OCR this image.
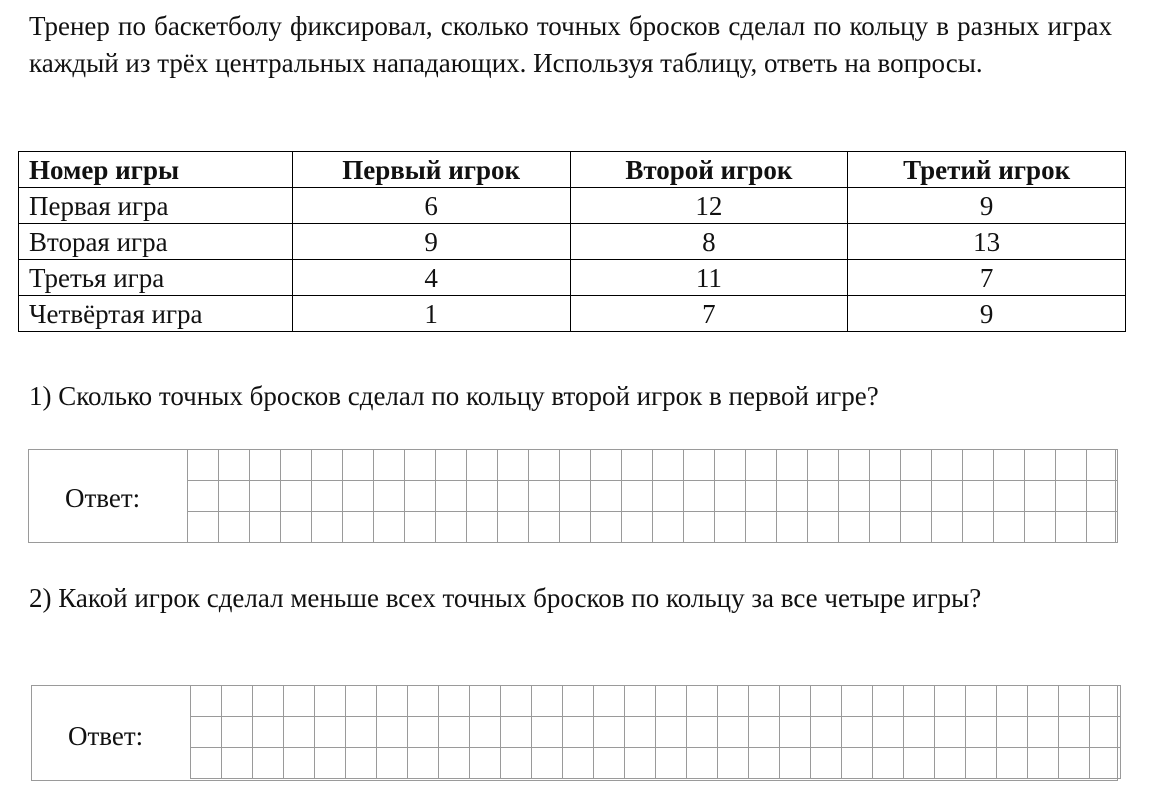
Тренер по баскетболу фиксировал, сколько точных бросков сделал по кольцу в разных играх каждый из трёх центральных нападающих. Используя таблицу, ответь на вопросы.

Номер игры	Первый игрок	Второй игрок	Третий игрок
Первая игра	6	12	9
Вторая игра	9	8	13
Третья игра	4	11	7
Четвёртая игра	1	7	9

1) Сколько точных бросков сделал по кольцу второй игрок в первой игре?

Ответ:

2) Какой игрок сделал меньше всех точных бросков по кольцу за все четыре игры?

Ответ:
